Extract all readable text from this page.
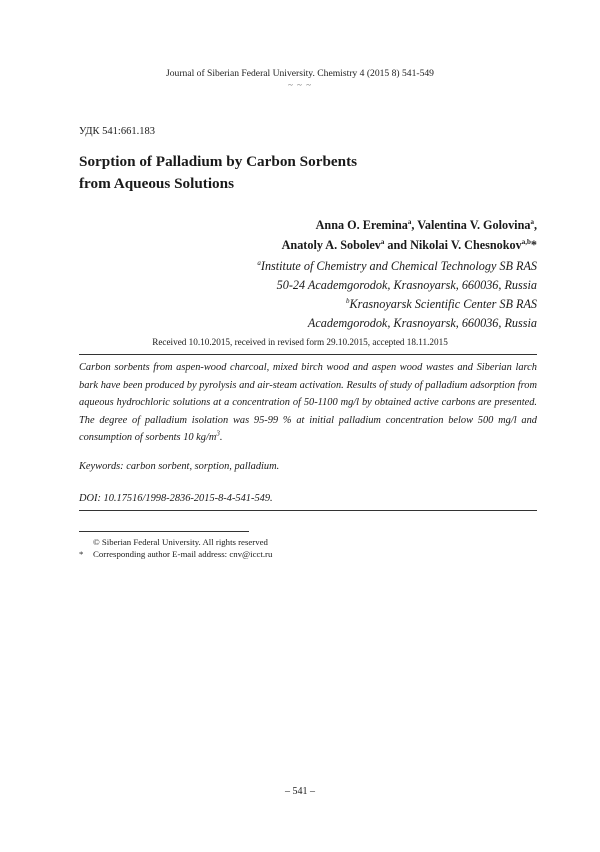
Journal of Siberian Federal University. Chemistry 4 (2015 8) 541-549
~ ~ ~
УДК 541:661.183
Sorption of Palladium by Carbon Sorbents
from Aqueous Solutions
Anna O. Eremina$^a$, Valentina V. Golovina$^a$,
Anatoly A. Sobolev$^a$ and Nikolai V. Chesnokov$^{a,b}$*
$^a$Institute of Chemistry and Chemical Technology SB RAS
50-24 Academgorodok, Krasnoyarsk, 660036, Russia
$^b$Krasnoyarsk Scientific Center SB RAS
Academgorodok, Krasnoyarsk, 660036, Russia
Received 10.10.2015, received in revised form 29.10.2015, accepted 18.11.2015
Carbon sorbents from aspen-wood charcoal, mixed birch wood and aspen wood wastes and Siberian larch bark have been produced by pyrolysis and air-steam activation. Results of study of palladium adsorption from aqueous hydrochloric solutions at a concentration of 50-1100 mg/l by obtained active carbons are presented. The degree of palladium isolation was 95-99 % at initial palladium concentration below 500 mg/l and consumption of sorbents 10 $kg/m^3$.
Keywords: carbon sorbent, sorption, palladium.
DOI: 10.17516/1998-2836-2015-8-4-541-549.
© Siberian Federal University. All rights reserved
* Corresponding author E-mail address: cnv@icct.ru
– 541 –
